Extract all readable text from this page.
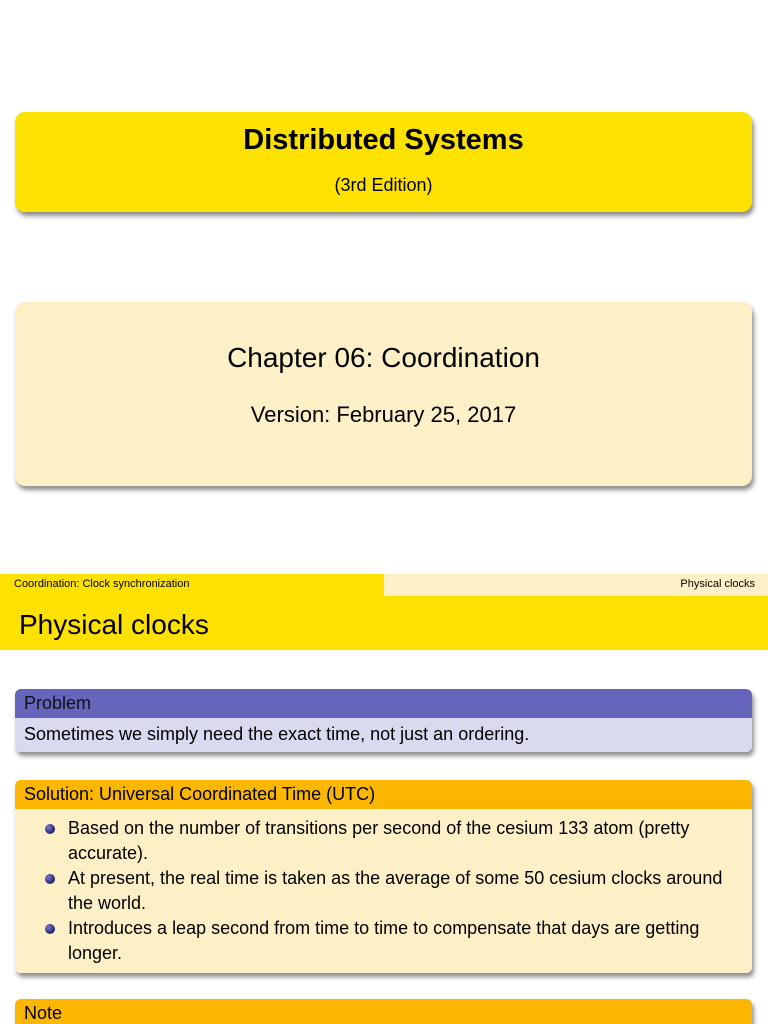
Distributed Systems
(3rd Edition)
Chapter 06: Coordination
Version: February 25, 2017
Coordination: Clock synchronization	Physical clocks
Physical clocks
Problem
Sometimes we simply need the exact time, not just an ordering.
Solution: Universal Coordinated Time (UTC)
Based on the number of transitions per second of the cesium 133 atom (pretty accurate).
At present, the real time is taken as the average of some 50 cesium clocks around the world.
Introduces a leap second from time to time to compensate that days are getting longer.
Note
